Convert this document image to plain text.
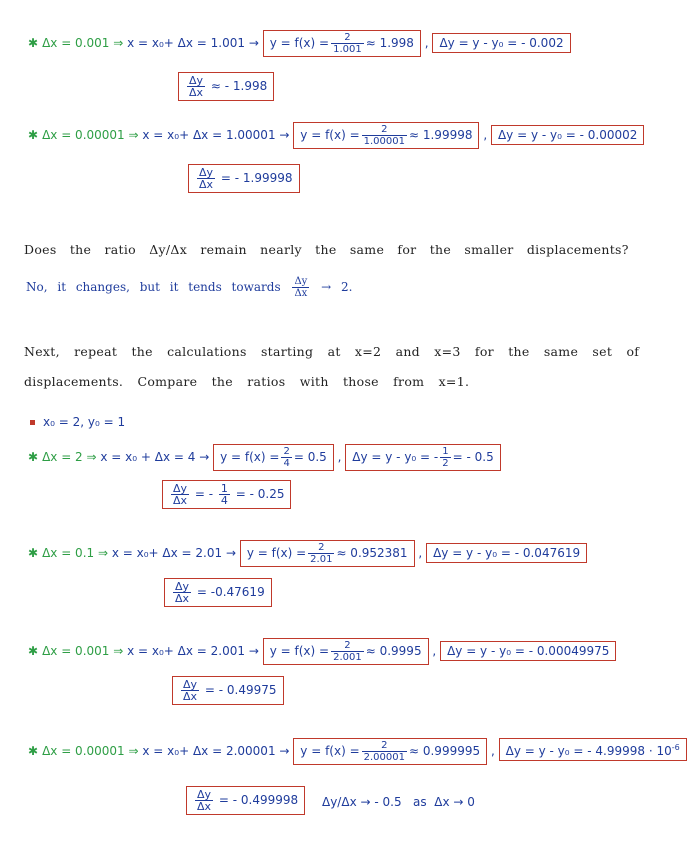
✱ Δx = 0.001 ⇒ $x = x_0+ \Delta x = 1.001 \to y = f(x) = \frac{2}{1.001} \approx 1.998$ , Δy = y - y₀ = - 0.002
$\frac{\Delta y}{\Delta x}$ ≈ - 1.998
✱ Δx = 0.00001 ⇒ $x = x_0+ \Delta x = 1.00001 \to y = f(x) = \frac{2}{1.00001} \approx 1.99998$ , Δy = y - y₀ = - 0.00002
$\frac{\Delta y}{\Delta x}$ = - 1.99998
Does the ratio Δy/Δx remain nearly the same for the smaller displacements?
No, it changes, but it tends towards $\frac{\Delta y}{\Delta x} \to 2$.
Next, repeat the calculations starting at x=2 and x=3 for the same set of
displacements. Compare the ratios with those from x=1.
x₀ = 2, y₀ = 1
✱ Δx = 2 ⇒ $x = x_0 + \Delta x = 4 \to y = f(x) = \frac{2}{4} = 0.5$ , Δy = y - y₀ = - $\frac{1}{2}$ = - 0.5
$\frac{\Delta y}{\Delta x}$ = - $\frac{1}{4}$ = - 0.25
✱ Δx = 0.1 ⇒ $x = x_0+ \Delta x = 2.01 \to y = f(x) = \frac{2}{2.01} \approx 0.952381$ , Δy = y - y₀ = - 0.047619
$\frac{\Delta y}{\Delta x} = -0.47619$
✱ Δx = 0.001 ⇒ $x = x_0+ \Delta x = 2.001 \to y = f(x) = \frac{2}{2.001} \approx 0.9995$ , Δy = y - y₀ = - 0.00049975
$\frac{\Delta y}{\Delta x}$ = - 0.49975
✱ Δx = 0.00001 ⇒ $x = x_0+ \Delta x = 2.00001 \to y = f(x) = \frac{2}{2.00001} \approx 0.999995$ , Δy = y - y₀ = - $4.99998 \cdot 10^{-6}$
$\frac{\Delta y}{\Delta x}$ = - 0.499998	Δy/Δx → - 0.5   as  Δx → 0
